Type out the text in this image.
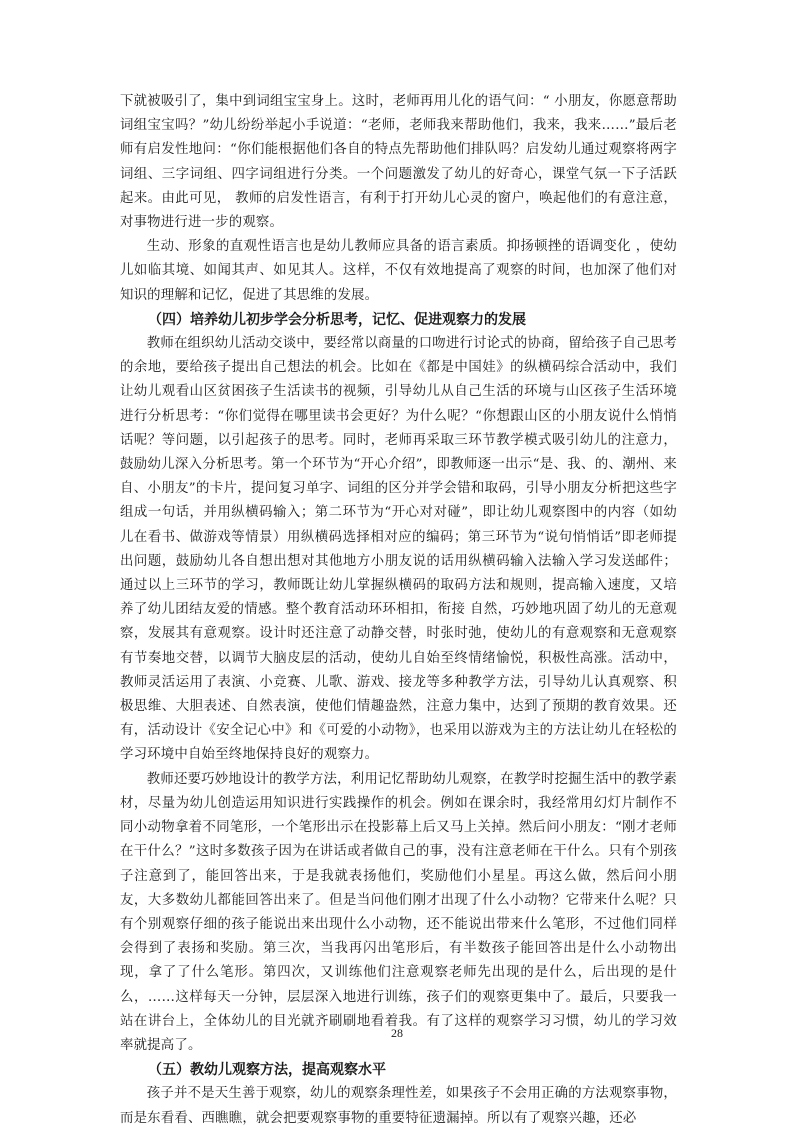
下就被吸引了，集中到词组宝宝身上。这时，老师再用儿化的语气问：“ 小朋友，你愿意帮助词组宝宝吗？”幼儿纷纷举起小手说道：“老师，老师我来帮助他们，我来，我来……”最后老师有启发性地问：“你们能根据他们各自的特点先帮助他们排队吗？启发幼儿通过观察将两字词组、三字词组、四字词组进行分类。一个问题激发了幼儿的好奇心，课堂气氛一下子活跃起来。由此可见， 教师的启发性语言，有利于打开幼儿心灵的窗户，唤起他们的有意注意，对事物进行进一步的观察。

生动、形象的直观性语言也是幼儿教师应具备的语言素质。抑扬顿挫的语调变化 ，使幼儿如临其境、如闻其声、如见其人。这样，不仅有效地提高了观察的时间，也加深了他们对知识的理解和记忆，促进了其思维的发展。

（四）培养幼儿初步学会分析思考，记忆、促进观察力的发展

教师在组织幼儿活动交谈中，要经常以商量的口吻进行讨论式的协商，留给孩子自己思考的余地，要给孩子提出自己想法的机会。比如在《都是中国娃》的纵横码综合活动中，我们让幼儿观看山区贫困孩子生活读书的视频，引导幼儿从自己生活的环境与山区孩子生活环境进行分析思考：“你们觉得在哪里读书会更好？为什么呢？“你想跟山区的小朋友说什么悄悄话呢？等问题，以引起孩子的思考。同时，老师再采取三环节教学模式吸引幼儿的注意力，鼓励幼儿深入分析思考。第一个环节为“开心介绍”，即教师逐一出示“是、我、的、潮州、来自、小朋友”的卡片，提问复习单字、词组的区分并学会错和取码，引导小朋友分析把这些字组成一句话，并用纵横码输入；第二环节为“开心对对碰”，即让幼儿观察图中的内容（如幼儿在看书、做游戏等情景）用纵横码选择相对应的编码；第三环节为“说句悄悄话”即老师提出问题，鼓励幼儿各自想出想对其他地方小朋友说的话用纵横码输入法输入学习发送邮件；通过以上三环节的学习，教师既让幼儿掌握纵横码的取码方法和规则，提高输入速度，又培养了幼儿团结友爱的情感。整个教育活动环环相扣，衔接 自然，巧妙地巩固了幼儿的无意观察，发展其有意观察。设计时还注意了动静交替，时张时弛，使幼儿的有意观察和无意观察有节奏地交替，以调节大脑皮层的活动，使幼儿自始至终情绪愉悦，积极性高涨。活动中，教师灵活运用了表演、小竞赛、儿歌、游戏、接龙等多种教学方法，引导幼儿认真观察、积极思维、大胆表述、自然表演，使他们情趣盎然，注意力集中，达到了预期的教育效果。还有，活动设计《安全记心中》和《可爱的小动物》，也采用以游戏为主的方法让幼儿在轻松的学习环境中自始至终地保持良好的观察力。

教师还要巧妙地设计的教学方法，利用记忆帮助幼儿观察，在教学时挖掘生活中的教学素材，尽量为幼儿创造运用知识进行实践操作的机会。例如在课余时，我经常用幻灯片制作不同小动物拿着不同笔形，一个笔形出示在投影幕上后又马上关掉。然后问小朋友：“刚才老师在干什么？”这时多数孩子因为在讲话或者做自己的事，没有注意老师在干什么。只有个别孩子注意到了，能回答出来，于是我就表扬他们，奖励他们小星星。再这么做，然后问小朋友，大多数幼儿都能回答出来了。但是当问他们刚才出现了什么小动物？它带来什么呢？只有个别观察仔细的孩子能说出来出现什么小动物，还不能说出带来什么笔形，不过他们同样会得到了表扬和奖励。第三次，当我再闪出笔形后，有半数孩子能回答出是什么小动物出现，拿了了什么笔形。第四次，又训练他们注意观察老师先出现的是什么，后出现的是什么，……这样每天一分钟，层层深入地进行训练，孩子们的观察更集中了。最后，只要我一站在讲台上，全体幼儿的目光就齐刷刷地看着我。有了这样的观察学习习惯，幼儿的学习效率就提高了。

（五）教幼儿观察方法，提高观察水平

孩子并不是天生善于观察，幼儿的观察条理性差，如果孩子不会用正确的方法观察事物，而是东看看、西瞧瞧，就会把要观察事物的重要特征遗漏掉。所以有了观察兴趣，还必

28
